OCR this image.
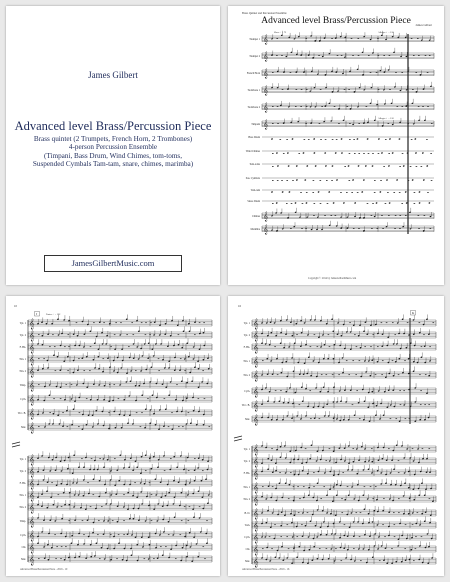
James Gilbert
Advanced level Brass/Percussion Piece
Brass quintet (2 Trumpets, French Horn, 2 Trombones)
4-person Percussion Ensemble
(Timpani, Bass Drum, Wind Chimes, tom-toms,
Suspended Cymbals Tam-tam, snare, chimes, marimba)
JamesGilbertMusic.com
Brass Quintet and Percussion Ensemble
Advanced level Brass/Percussion Piece	James Gilbert
Slow ♩= 72	Allegro ♩= 116
Allegro ♩= 116
𝄞
Trumpet 1
𝄞
Trumpet 2
𝄞
French Horn
𝄞
Trombone 1
𝄞
Trombone 2
𝄞
Timpani
Bass Drum
Wind Chimes
Tom-toms
Sus. Cymbals
Tam-tam
Snare Drum
𝄞
Chimes
𝄞
Marimba
Copyright © 2014 by JamesGilbertMusic.com
10
J	Faster ♩= 132
𝄞
Tpt. 1
𝄞
Tpt. 2
𝄞
F. Hn.
𝄞
Tbn. 1
𝄞
Tbn. 2
𝄞
Timp.
𝄞
Cym.
𝄞
W.C. B.
𝄞
Mar.
𝄞
Tpt. 1
𝄞
Tpt. 2
𝄞
F. Hn.
𝄞
Tbn. 1
𝄞
Tbn. 2
𝄞
Timp.
𝄞
Cym.
𝄞
Chi.
𝄞
Mar.
Advanced Brass/Percussion Piece - 2016 - 10
16
K
𝄞
Tpt. 1
𝄞
Tpt. 2
𝄞
F. Hn.
𝄞
Tbn. 1
𝄞
Tbn. 2
𝄞
Cym.
𝄞
W.C. B.
𝄞
Mar.
𝄞
Tpt. 1
𝄞
Tpt. 2
𝄞
F. Hn.
𝄞
Tbn. 1
𝄞
Tbn. 2
𝄞
B. D.
𝄞
Tom.
𝄞
Cym.
𝄞
Chi.
𝄞
Mar.
Advanced Brass/Percussion Piece - 2016 - 16
